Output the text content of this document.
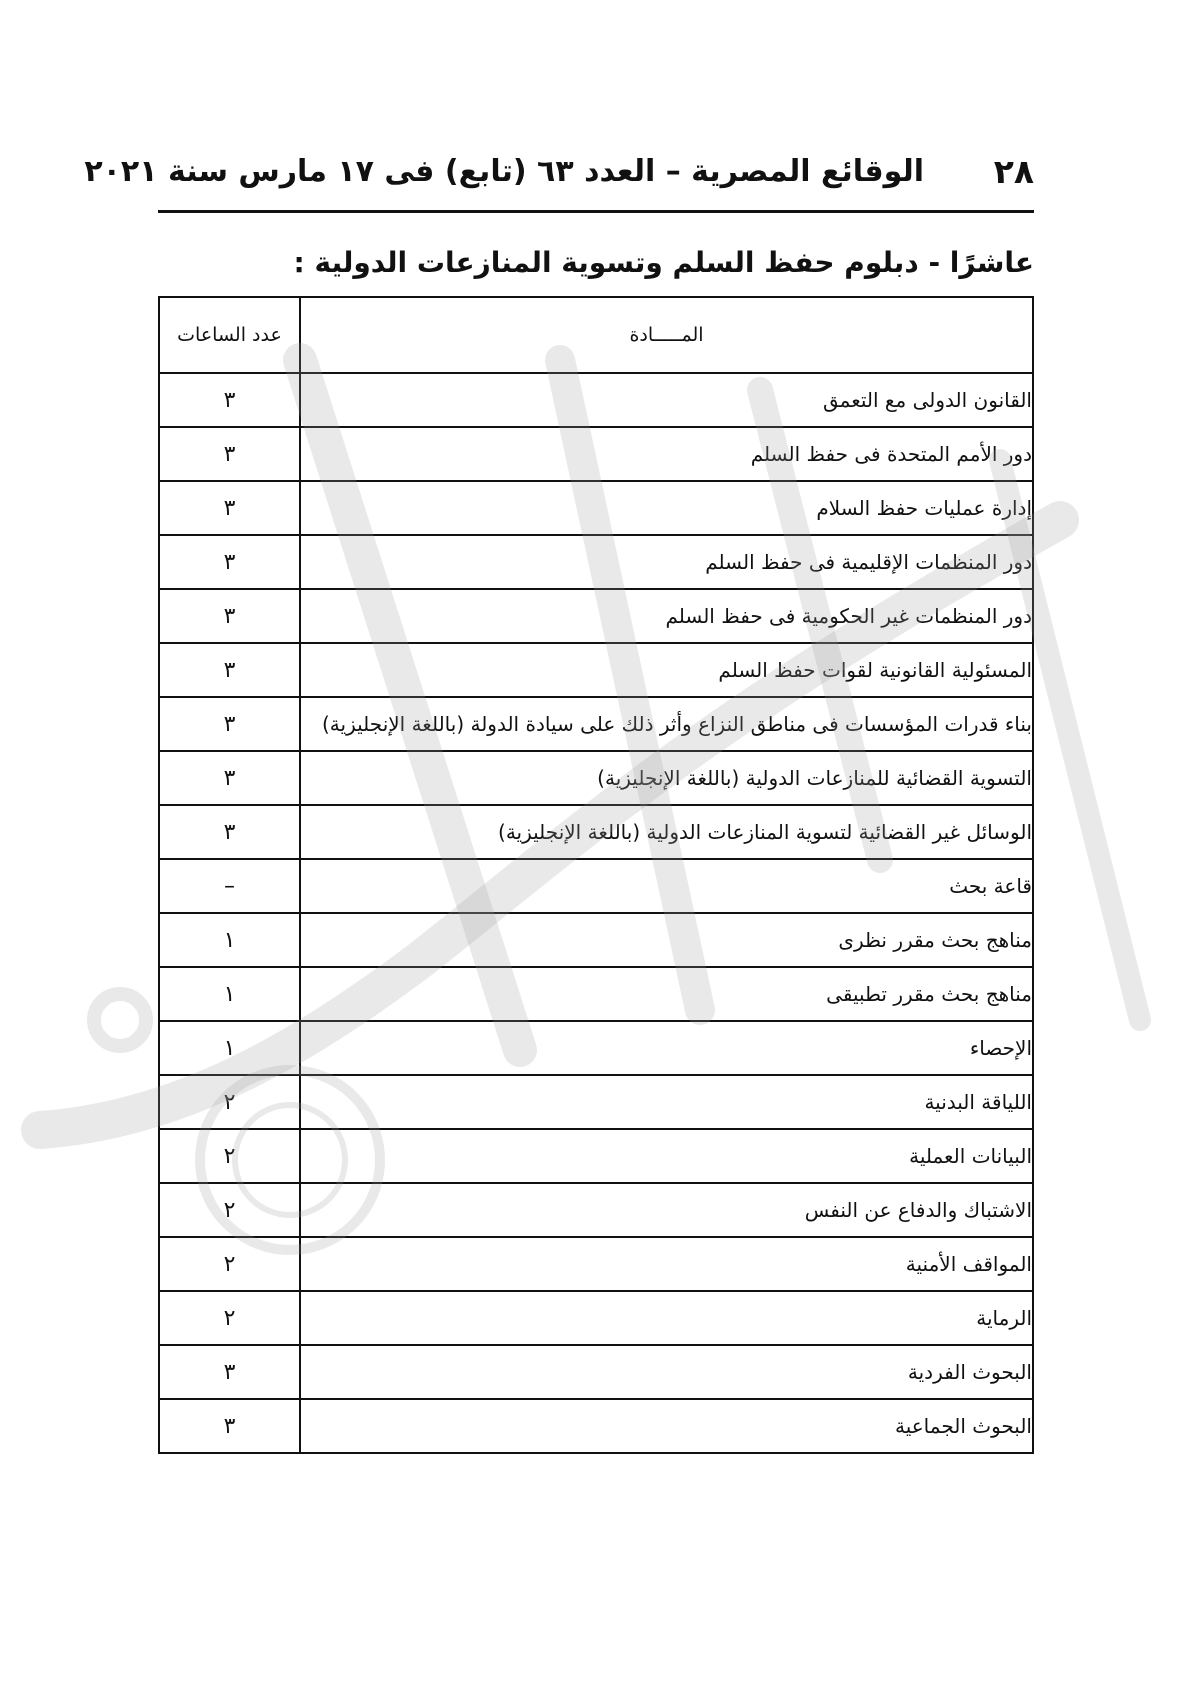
٢٨
الوقائع المصرية – العدد ٦٣ (تابع) فى ١٧ مارس سنة ٢٠٢١
عاشرًا - دبلوم حفظ السلم وتسوية المنازعات الدولية :
المـــــادة	عدد الساعات
القانون الدولى مع التعمق	٣
دور الأمم المتحدة فى حفظ السلم	٣
إدارة عمليات حفظ السلام	٣
دور المنظمات الإقليمية فى حفظ السلم	٣
دور المنظمات غير الحكومية فى حفظ السلم	٣
المسئولية القانونية لقوات حفظ السلم	٣
بناء قدرات المؤسسات فى مناطق النزاع وأثر ذلك على سيادة الدولة (باللغة الإنجليزية)	٣
التسوية القضائية للمنازعات الدولية (باللغة الإنجليزية)	٣
الوسائل غير القضائية لتسوية المنازعات الدولية (باللغة الإنجليزية)	٣
قاعة بحث	–
مناهج بحث مقرر نظرى	١
مناهج بحث مقرر تطبيقى	١
الإحصاء	١
اللياقة البدنية	٢
البيانات العملية	٢
الاشتباك والدفاع عن النفس	٢
المواقف الأمنية	٢
الرماية	٢
البحوث الفردية	٣
البحوث الجماعية	٣
